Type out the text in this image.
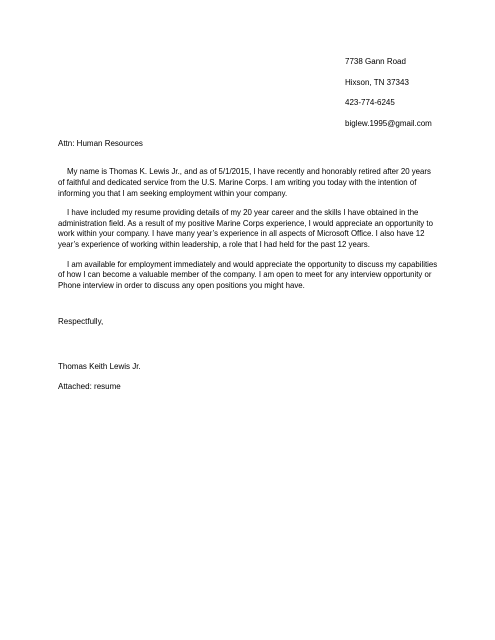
7738 Gann Road
Hixson, TN 37343
423-774-6245
biglew.1995@gmail.com
Attn: Human Resources

My name is Thomas K. Lewis Jr., and as of 5/1/2015, I have recently and honorably retired after 20 years of faithful and dedicated service from the U.S. Marine Corps. I am writing you today with the intention of informing you that I am seeking employment within your company.

I have included my resume providing details of my 20 year career and the skills I have obtained in the administration field. As a result of my positive Marine Corps experience, I would appreciate an opportunity to work within your company. I have many year’s experience in all aspects of Microsoft Office. I also have 12 year’s experience of working within leadership, a role that I had held for the past 12 years.

I am available for employment immediately and would appreciate the opportunity to discuss my capabilities of how I can become a valuable member of the company. I am open to meet for any interview opportunity or Phone interview in order to discuss any open positions you might have.

Respectfully,
Thomas Keith Lewis Jr.
Attached: resume
